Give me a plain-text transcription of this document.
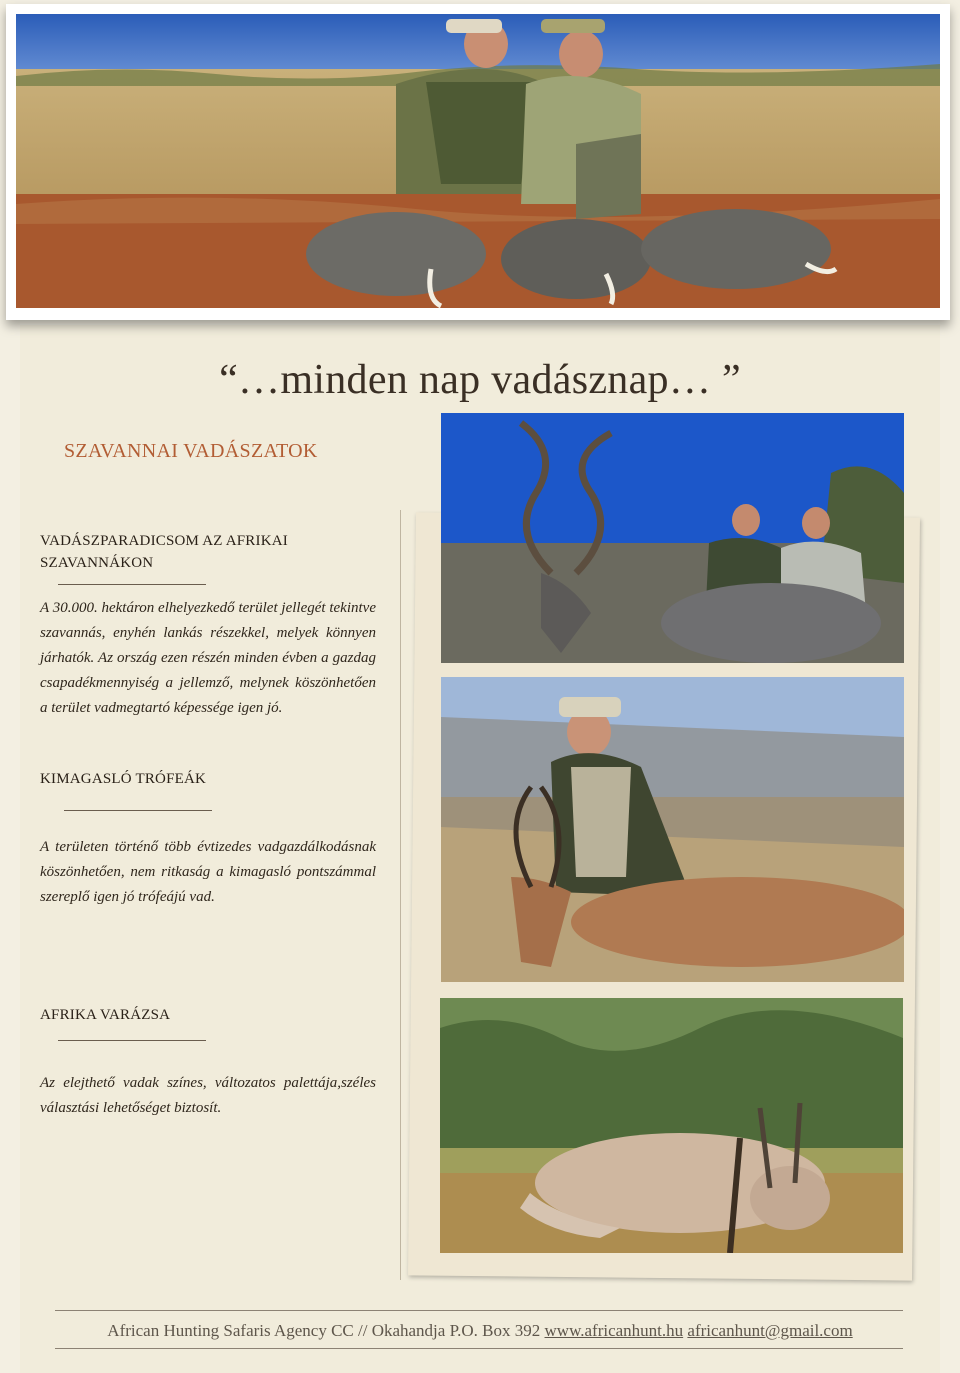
“…minden nap vadásznap… ”
SZAVANNAI VADÁSZATOK
VADÁSZPARADICSOM AZ AFRIKAI SZAVANNÁKON
A 30.000. hektáron elhelyezkedő terület jellegét tekintve szavannás, enyhén lankás részekkel, melyek könnyen járhatók. Az ország ezen részén minden évben a gazdag csapadékmennyiség a jellemző, melynek köszönhetően a terület vadmegtartó képessége igen jó.
KIMAGASLÓ TRÓFEÁK
A területen történő több évtizedes vadgazdálkodásnak köszönhetően, nem ritkaság a kimagasló pontszámmal szereplő igen jó trófeájú vad.
AFRIKA VARÁZSA
Az elejthető vadak színes, változatos palettája,széles választási lehetőséget biztosít.
African Hunting Safaris Agency CC // Okahandja P.O. Box 392 www.africanhunt.hu africanhunt@gmail.com
